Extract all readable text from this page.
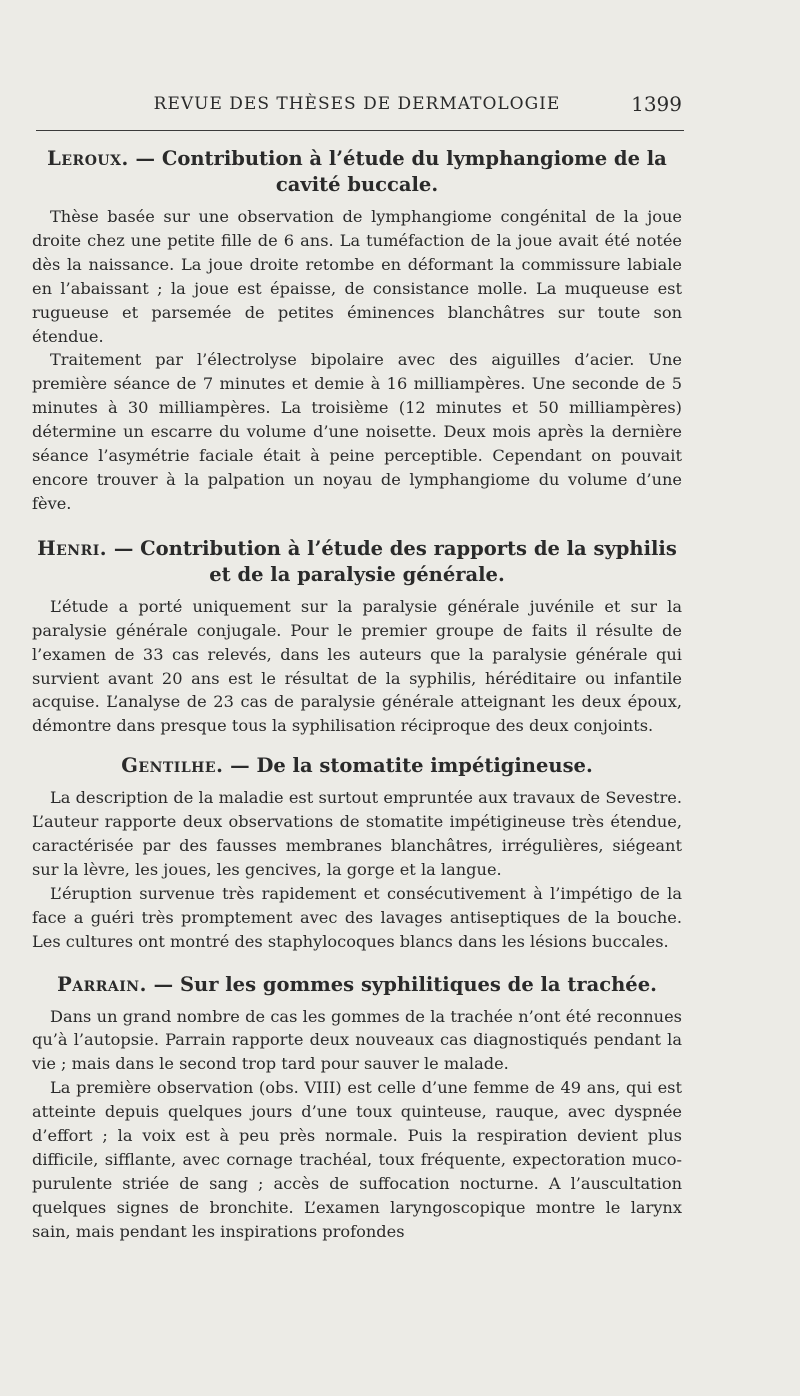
REVUE DES THÈSES DE DERMATOLOGIE	1399
Leroux. — Contribution à l’étude du lymphangiome de la cavité buccale.

Thèse basée sur une observation de lymphangiome congénital de la joue droite chez une petite fille de 6 ans. La tuméfaction de la joue avait été notée dès la naissance. La joue droite retombe en déformant la commissure labiale en l’abaissant ; la joue est épaisse, de consistance molle. La muqueuse est rugueuse et parsemée de petites éminences blanchâtres sur toute son étendue.

Traitement par l’électrolyse bipolaire avec des aiguilles d’acier. Une première séance de 7 minutes et demie à 16 milliampères. Une seconde de 5 minutes à 30 milliampères. La troisième (12 minutes et 50 milliampères) détermine un escarre du volume d’une noisette. Deux mois après la dernière séance l’asymétrie faciale était à peine perceptible. Cependant on pouvait encore trouver à la palpation un noyau de lymphangiome du volume d’une fève.

Henri. — Contribution à l’étude des rapports de la syphilis et de la paralysie générale.

L’étude a porté uniquement sur la paralysie générale juvénile et sur la paralysie générale conjugale. Pour le premier groupe de faits il résulte de l’examen de 33 cas relevés, dans les auteurs que la paralysie générale qui survient avant 20 ans est le résultat de la syphilis, héréditaire ou infantile acquise. L’analyse de 23 cas de paralysie générale atteignant les deux époux, démontre dans presque tous la syphilisation réciproque des deux conjoints.

Gentilhe. — De la stomatite impétigineuse.

La description de la maladie est surtout empruntée aux travaux de Sevestre. L’auteur rapporte deux observations de stomatite impétigineuse très étendue, caractérisée par des fausses membranes blanchâtres, irrégulières, siégeant sur la lèvre, les joues, les gencives, la gorge et la langue.

L’éruption survenue très rapidement et consécutivement à l’impétigo de la face a guéri très promptement avec des lavages antiseptiques de la bouche. Les cultures ont montré des staphylocoques blancs dans les lésions buccales.

Parrain. — Sur les gommes syphilitiques de la trachée.

Dans un grand nombre de cas les gommes de la trachée n’ont été reconnues qu’à l’autopsie. Parrain rapporte deux nouveaux cas diagnostiqués pendant la vie ; mais dans le second trop tard pour sauver le malade.

La première observation (obs. VIII) est celle d’une femme de 49 ans, qui est atteinte depuis quelques jours d’une toux quinteuse, rauque, avec dyspnée d’effort ; la voix est à peu près normale. Puis la respiration devient plus difficile, sifflante, avec cornage trachéal, toux fréquente, expectoration muco-purulente striée de sang ; accès de suffocation nocturne. A l’auscultation quelques signes de bronchite. L’examen laryngoscopique montre le larynx sain, mais pendant les inspirations profondes
